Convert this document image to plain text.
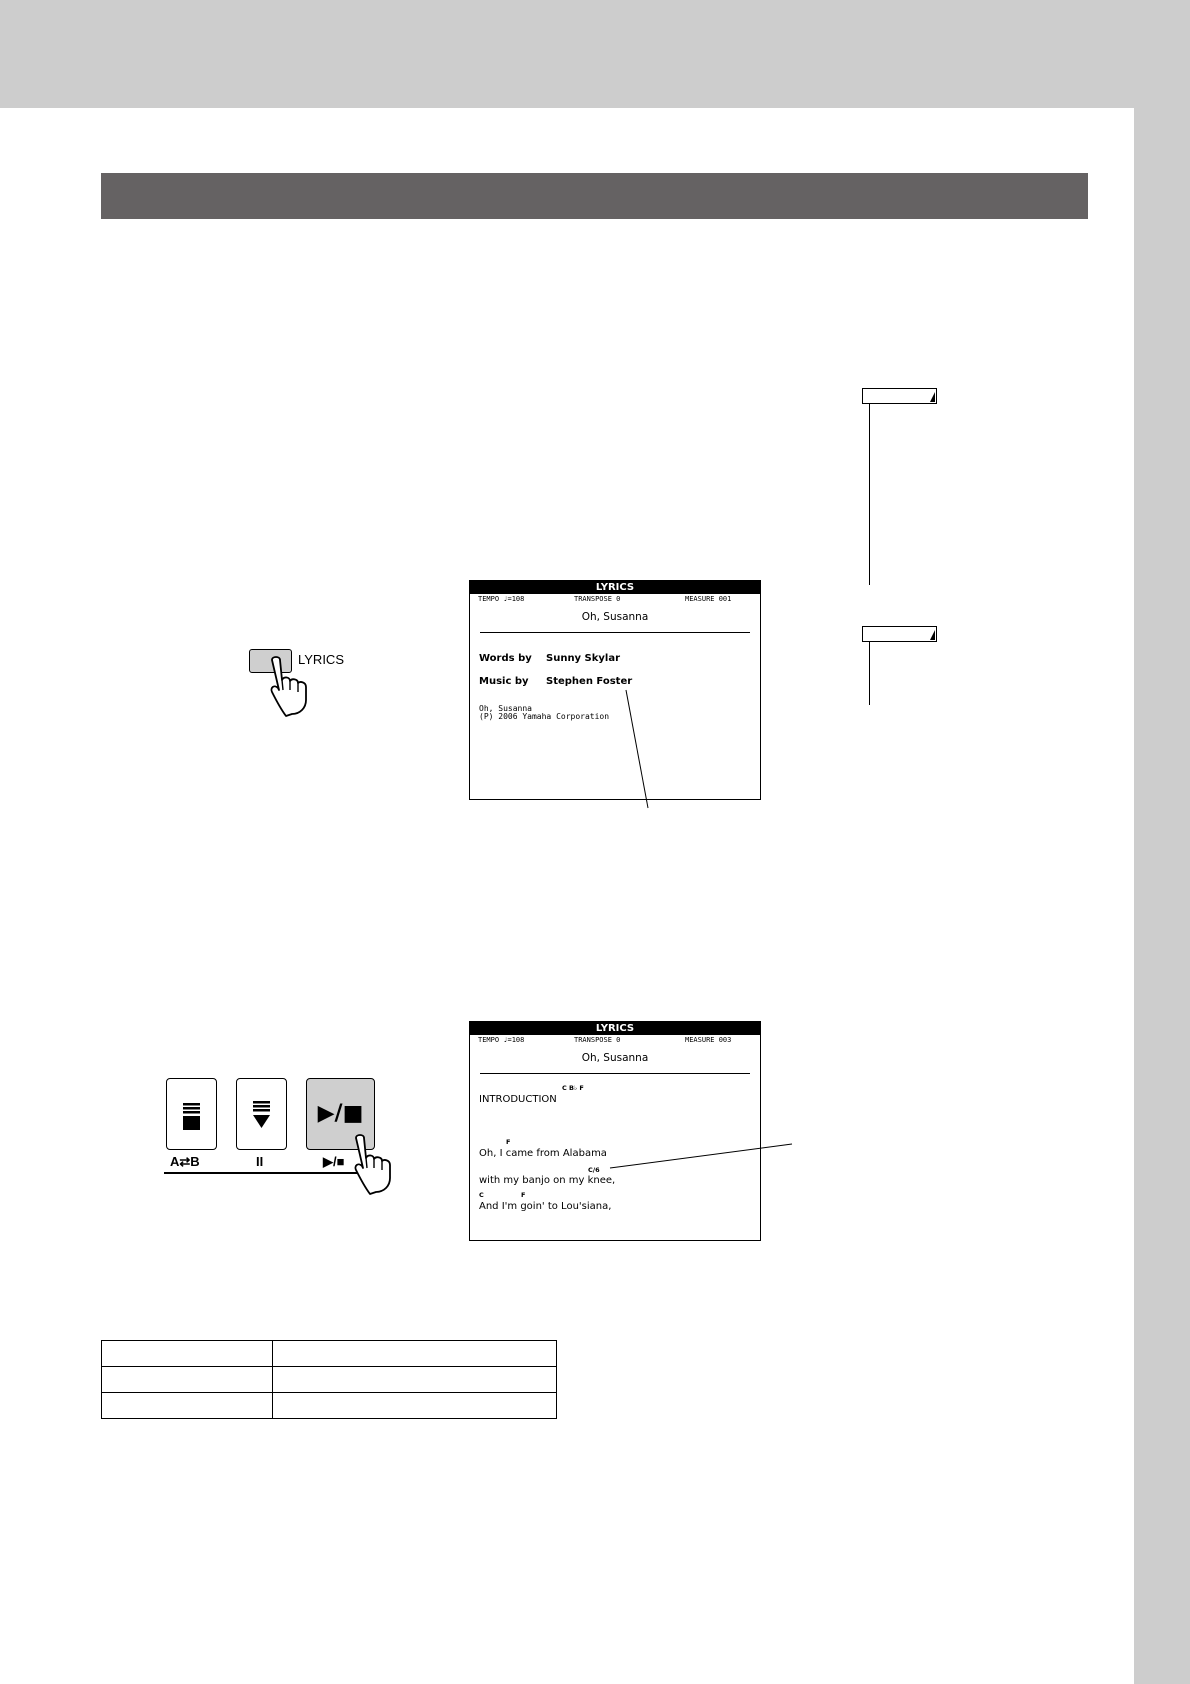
LYRICS
LYRICS
TEMPO ♩=108	TRANSPOSE 0	MEASURE 001
Oh, Susanna
Words by Sunny Skylar
Music by Stephen Foster
Oh, Susanna
(P) 2006 Yamaha Corporation
▶/■
A⇄B	II	▶/■
LYRICS
TEMPO ♩=108	TRANSPOSE 0	MEASURE 003
Oh, Susanna
C B♭ F
INTRODUCTION
F
Oh, I came from Alabama
C/6
with my banjo on my knee,
C	F
And I'm goin' to Lou'siana,
